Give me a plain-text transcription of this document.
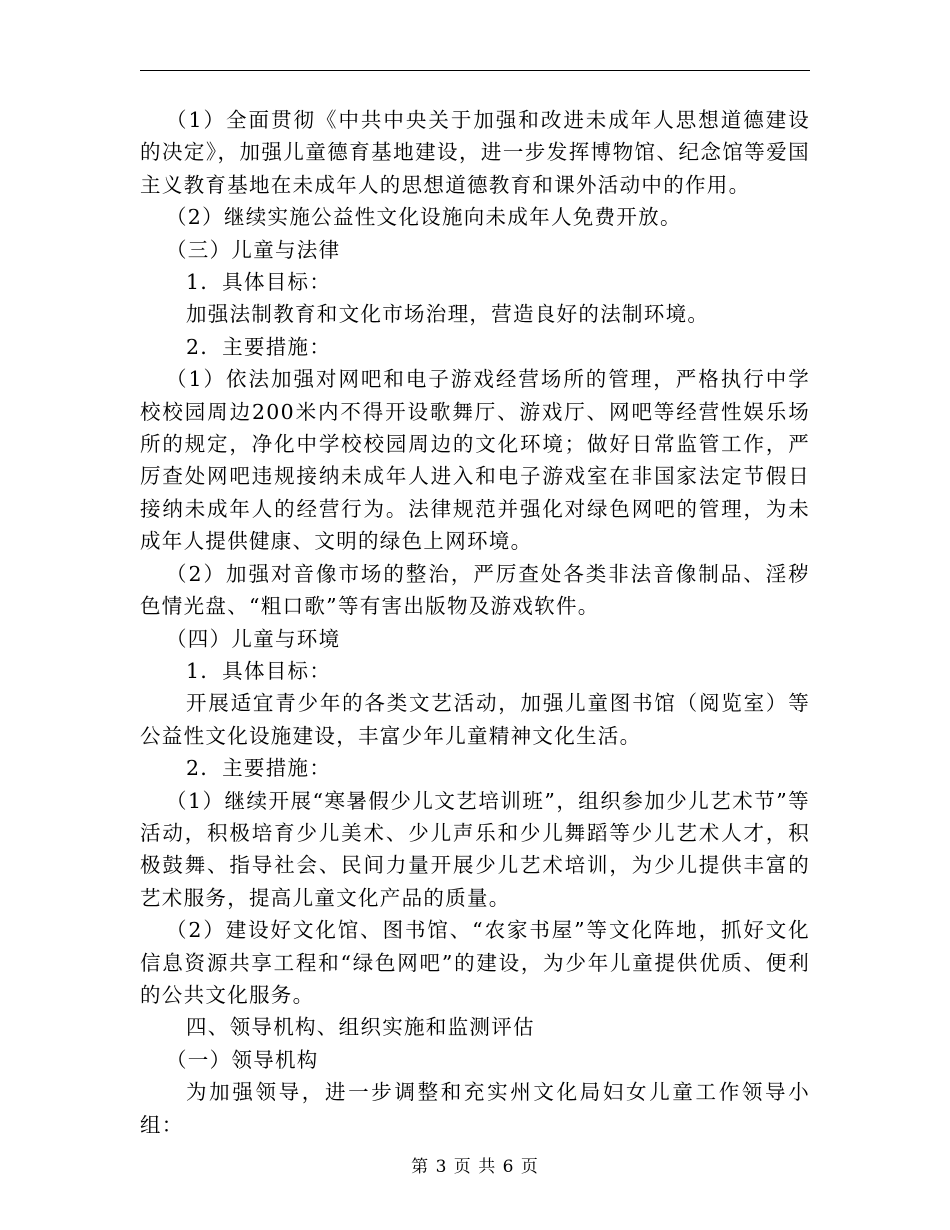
（1）全面贯彻《中共中央关于加强和改进未成年人思想道德建设的决定》，加强儿童德育基地建设，进一步发挥博物馆、纪念馆等爱国主义教育基地在未成年人的思想道德教育和课外活动中的作用。

（2）继续实施公益性文化设施向未成年人免费开放。

（三）儿童与法律

1．具体目标：

加强法制教育和文化市场治理，营造良好的法制环境。

2．主要措施：

（1）依法加强对网吧和电子游戏经营场所的管理，严格执行中学校校园周边200米内不得开设歌舞厅、游戏厅、网吧等经营性娱乐场所的规定，净化中学校校园周边的文化环境；做好日常监管工作，严厉查处网吧违规接纳未成年人进入和电子游戏室在非国家法定节假日接纳未成年人的经营行为。法律规范并强化对绿色网吧的管理，为未成年人提供健康、文明的绿色上网环境。

（2）加强对音像市场的整治，严厉查处各类非法音像制品、淫秽色情光盘、“粗口歌”等有害出版物及游戏软件。

（四）儿童与环境

1．具体目标：

开展适宜青少年的各类文艺活动，加强儿童图书馆（阅览室）等公益性文化设施建设，丰富少年儿童精神文化生活。

2．主要措施：

（1）继续开展“寒暑假少儿文艺培训班”，组织参加少儿艺术节”等活动，积极培育少儿美术、少儿声乐和少儿舞蹈等少儿艺术人才，积极鼓舞、指导社会、民间力量开展少儿艺术培训，为少儿提供丰富的艺术服务，提高儿童文化产品的质量。

（2）建设好文化馆、图书馆、“农家书屋”等文化阵地，抓好文化信息资源共享工程和“绿色网吧”的建设，为少年儿童提供优质、便利的公共文化服务。

四、领导机构、组织实施和监测评估

（一）领导机构

为加强领导，进一步调整和充实州文化局妇女儿童工作领导小组：

第 3 页 共 6 页
